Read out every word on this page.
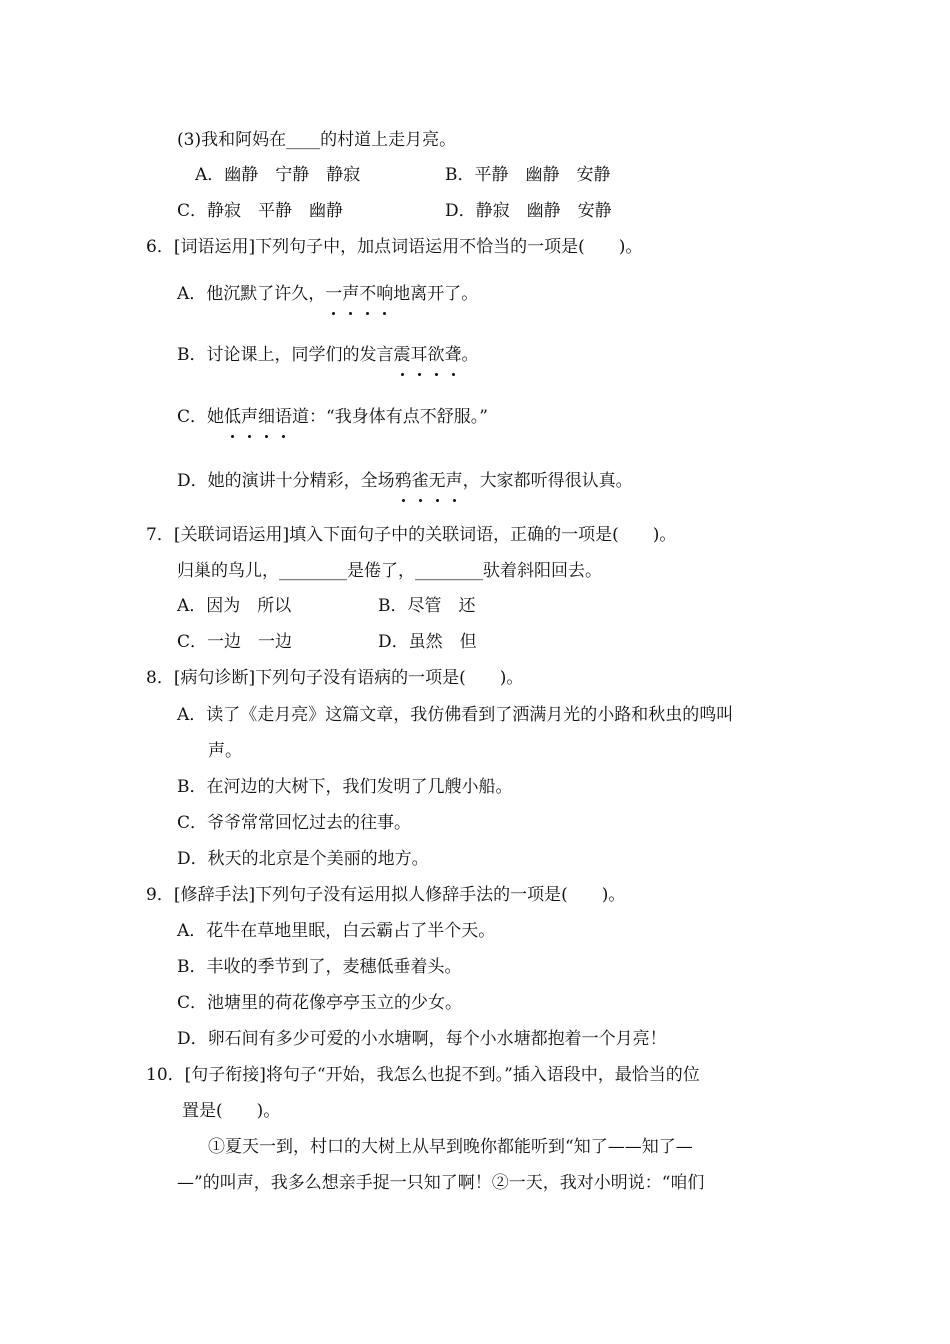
(3)我和阿妈在____的村道上走月亮。
A．幽静　宁静　静寂	B．平静　幽静　安静
C．静寂　平静　幽静	D．静寂　幽静　安静
6．[词语运用]下列句子中，加点词语运用不恰当的一项是(　　)。
A．他沉默了许久，一声不响地离开了。
B．讨论课上，同学们的发言震耳欲聋。
C．她低声细语道：“我身体有点不舒服。”
D．她的演讲十分精彩，全场鸦雀无声，大家都听得很认真。
7．[关联词语运用]填入下面句子中的关联词语，正确的一项是(　　)。
归巢的鸟儿，________是倦了，________驮着斜阳回去。
A．因为　所以	B．尽管　还
C．一边　一边	D．虽然　但
8．[病句诊断]下列句子没有语病的一项是(　　)。
A．读了《走月亮》这篇文章，我仿佛看到了洒满月光的小路和秋虫的鸣叫
声。
B．在河边的大树下，我们发明了几艘小船。
C．爷爷常常回忆过去的往事。
D．秋天的北京是个美丽的地方。
9．[修辞手法]下列句子没有运用拟人修辞手法的一项是(　　)。
A．花牛在草地里眠，白云霸占了半个天。
B．丰收的季节到了，麦穗低垂着头。
C．池塘里的荷花像亭亭玉立的少女。
D．卵石间有多少可爱的小水塘啊，每个小水塘都抱着一个月亮！
10．[句子衔接]将句子“开始，我怎么也捉不到。”插入语段中，最恰当的位
置是(　　)。
①夏天一到，村口的大树上从早到晚你都能听到“知了——知了—
—”的叫声，我多么想亲手捉一只知了啊！②一天，我对小明说：“咱们
